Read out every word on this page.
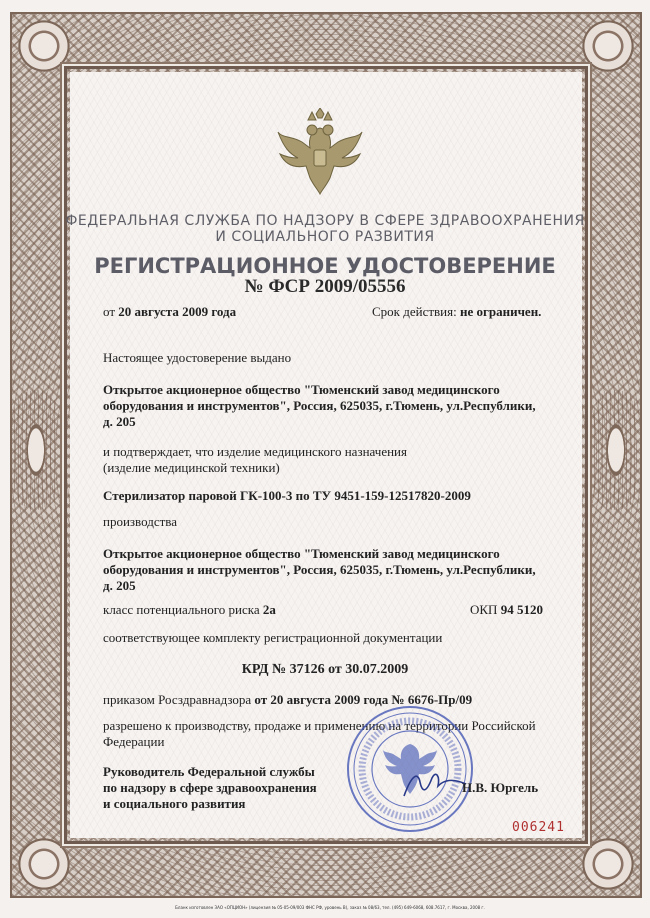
ФЕДЕРАЛЬНАЯ СЛУЖБА ПО НАДЗОРУ В СФЕРЕ ЗДРАВООХРАНЕНИЯ
И СОЦИАЛЬНОГО РАЗВИТИЯ
РЕГИСТРАЦИОННОЕ УДОСТОВЕРЕНИЕ
№ ФСР 2009/05556
от 20 августа 2009 года	Срок действия: не ограничен.
Настоящее удостоверение выдано
Открытое акционерное общество "Тюменский завод медицинского
оборудования и инструментов", Россия, 625035, г.Тюмень, ул.Республики,
д. 205
и подтверждает, что изделие медицинского назначения
(изделие медицинской техники)
Стерилизатор паровой ГК-100-3 по ТУ 9451-159-12517820-2009
производства
Открытое акционерное общество "Тюменский завод медицинского
оборудования и инструментов", Россия, 625035, г.Тюмень, ул.Республики,
д. 205
класс потенциального риска 2а	ОКП 94 5120
соответствующее комплекту регистрационной документации
КРД № 37126 от 30.07.2009
приказом Росздравнадзора от 20 августа 2009 года № 6676-Пр/09
разрешено к производству, продаже и применению на территории Российской
Федерации
Руководитель Федеральной службы
по надзору в сфере здравоохранения
и социального развития
Н.В. Юргель
006241
Бланк изготовлен ЗАО «ОПЦИОН» (лицензия № 05-05-09/003 ФНС РФ, уровень В), заказ № 08/63, тел. (495) 649-6068, 608.7617, г. Москва, 2008 г.
